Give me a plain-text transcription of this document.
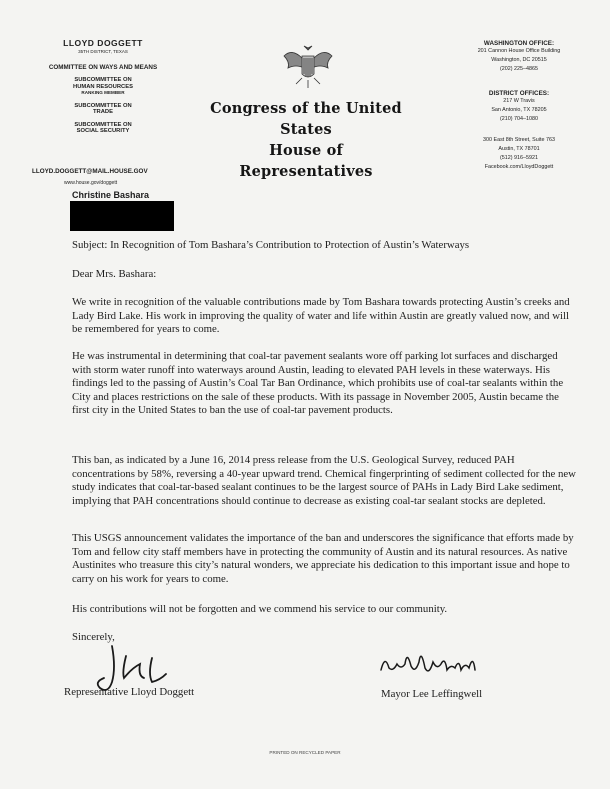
LLOYD DOGGETT
35TH DISTRICT, TEXAS
COMMITTEE ON WAYS AND MEANS
SUBCOMMITTEE ON
HUMAN RESOURCES
RANKING MEMBER
SUBCOMMITTEE ON
TRADE
SUBCOMMITTEE ON
SOCIAL SECURITY
LLOYD.DOGGETT@MAIL.HOUSE.GOV
www.house.gov/doggett
Congress of the United States
House of Representatives
WASHINGTON OFFICE:
201 Cannon House Office Building
Washington, DC 20515
(202) 225–4865
DISTRICT OFFICES:
217 W Travis
San Antonio, TX 78205
(210) 704–1080
300 East 8th Street, Suite 763
Austin, TX 78701
(512) 916–5921
Facebook.com/LloydDoggett
Christine Bashara
Subject: In Recognition of Tom Bashara’s Contribution to Protection of Austin’s Waterways
Dear Mrs. Bashara:
We write in recognition of the valuable contributions made by Tom Bashara towards protecting Austin’s creeks and Lady Bird Lake. His work in improving the quality of water and life within Austin are greatly valued now, and will be remembered for years to come.
He was instrumental in determining that coal-tar pavement sealants wore off parking lot surfaces and discharged with storm water runoff into waterways around Austin, leading to elevated PAH levels in these waterways. His findings led to the passing of Austin’s Coal Tar Ban Ordinance, which prohibits use of coal-tar sealants within the City and places restrictions on the sale of these products. With its passage in November 2005, Austin became the first city in the United States to ban the use of coal-tar pavement products.
This ban, as indicated by a June 16, 2014 press release from the U.S. Geological Survey, reduced PAH concentrations by 58%, reversing a 40-year upward trend. Chemical fingerprinting of sediment collected for the new study indicates that coal-tar-based sealant continues to be the largest source of PAHs in Lady Bird Lake sediment, implying that PAH concentrations should continue to decrease as existing coal-tar sealant stocks are depleted.
This USGS announcement validates the importance of the ban and underscores the significance that efforts made by Tom and fellow city staff members have in protecting the community of Austin and its natural resources. As native Austinites who treasure this city’s natural wonders, we appreciate his dedication to this important issue and hope to carry on his work for years to come.
His contributions will not be forgotten and we commend his service to our community.
Sincerely,
Representative Lloyd Doggett	Mayor Lee Leffingwell
PRINTED ON RECYCLED PAPER
